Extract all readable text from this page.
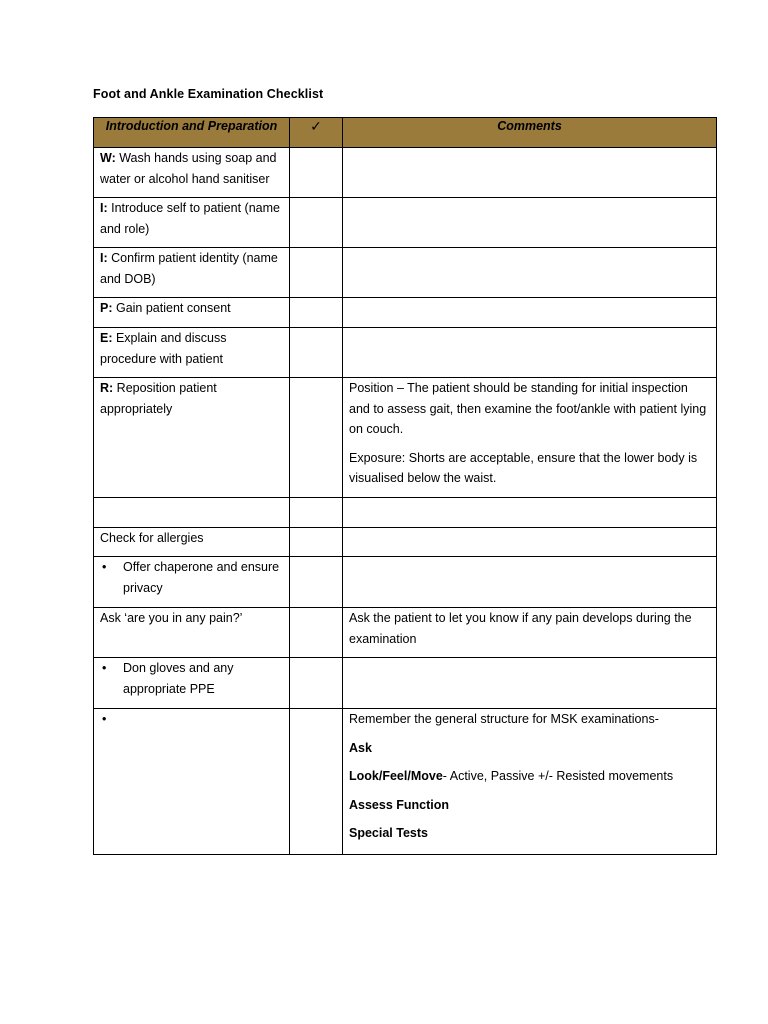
Foot and Ankle Examination Checklist
Introduction and Preparation	✓	Comments
W: Wash hands using soap and water or alcohol hand sanitiser		
I: Introduce self to patient (name and role)		
I: Confirm patient identity (name and DOB)		
P: Gain patient consent		
E: Explain and discuss procedure with patient		
R: Reposition patient appropriately		Position – The patient should be standing for initial inspection and to assess gait, then examine the foot/ankle with patient lying on couch.
Exposure: Shorts are acceptable, ensure that the lower body is visualised below the waist.

Check for allergies		

• Offer chaperone and ensure privacy

Ask ‘are you in any pain?’		Ask the patient to let you know if any pain develops during the examination

• Don gloves and any appropriate PPE

		Remember the general structure for MSK examinations-
Ask
Look/Feel/Move- Active, Passive +/- Resisted movements
Assess Function
Special Tests
